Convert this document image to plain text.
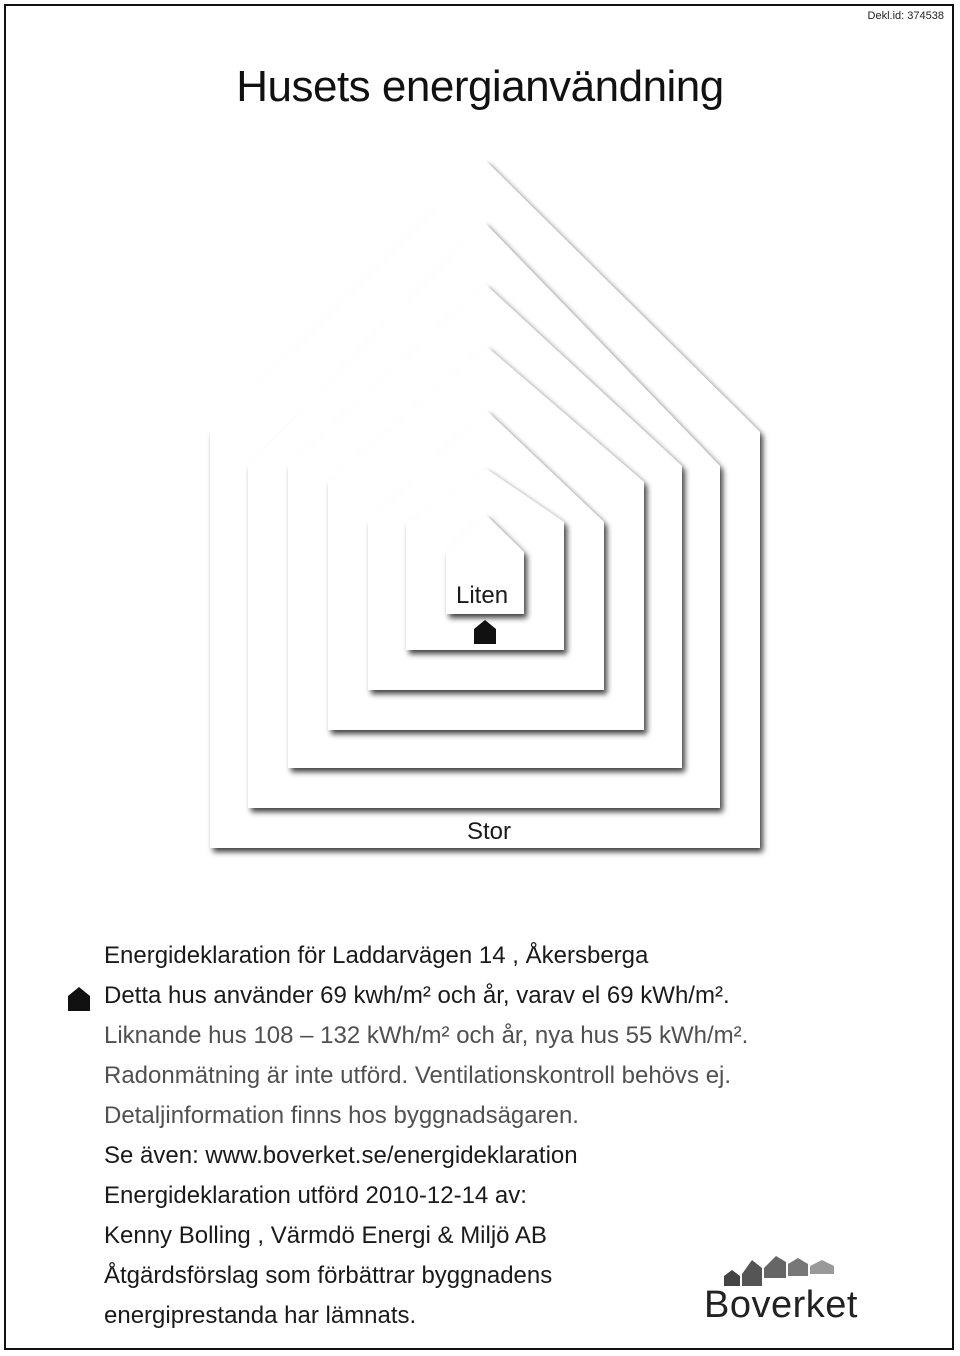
Dekl.id: 374538
Husets energianvändning
Liten
Stor
Energideklaration för Laddarvägen 14 , Åkersberga
Detta hus använder 69 kwh/m² och år, varav el 69 kWh/m².
Liknande hus 108 – 132 kWh/m² och år, nya hus 55 kWh/m².
Radonmätning är inte utförd. Ventilationskontroll behövs ej.
Detaljinformation finns hos byggnadsägaren.
Se även: www.boverket.se/energideklaration
Energideklaration utförd 2010-12-14 av:
Kenny Bolling , Värmdö Energi & Miljö AB
Åtgärdsförslag som förbättrar byggnadens
energiprestanda har lämnats.	Boverket
